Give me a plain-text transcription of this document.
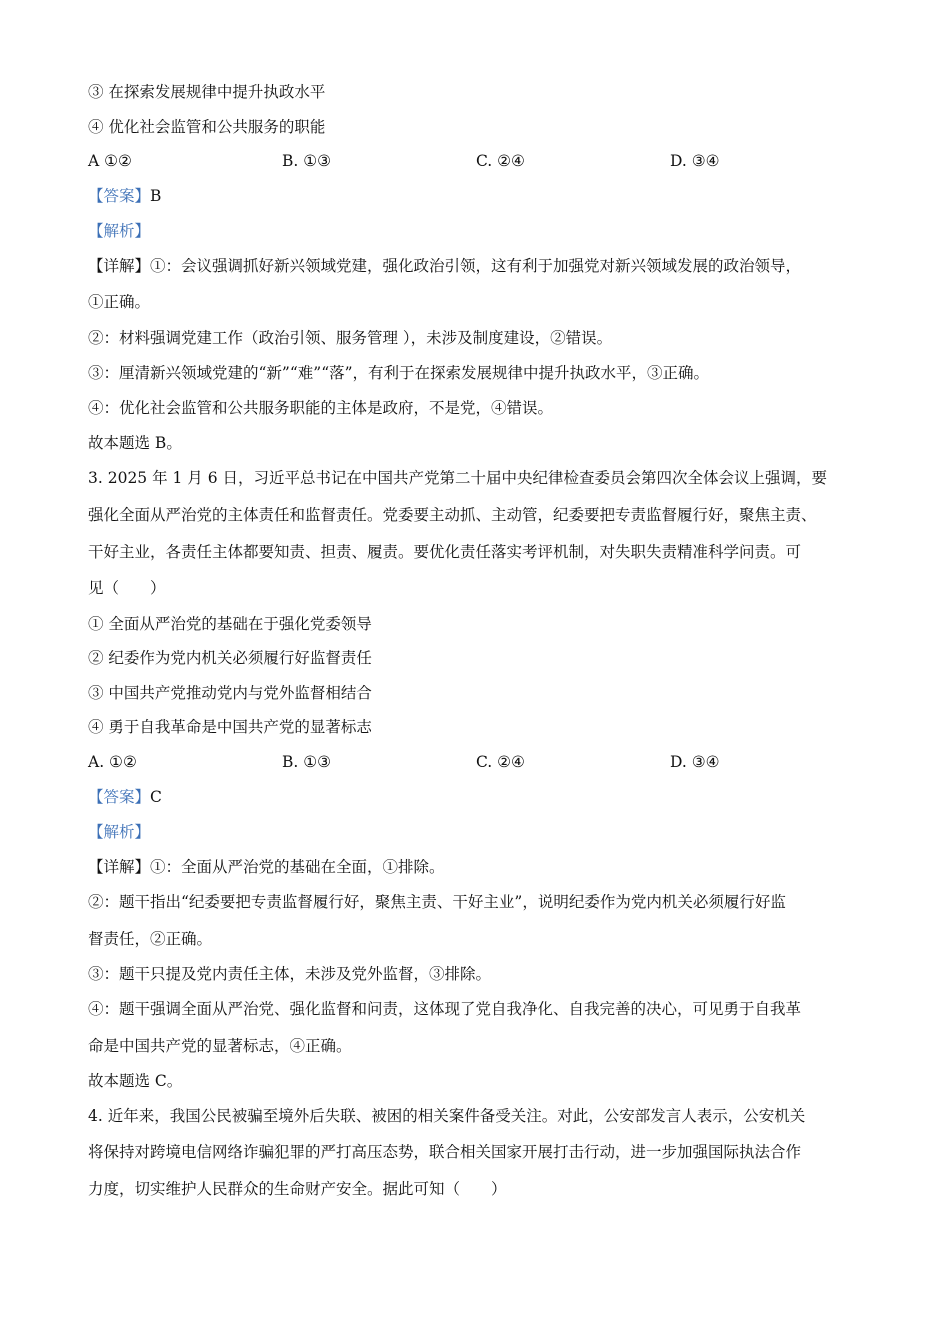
③ 在探索发展规律中提升执政水平
④ 优化社会监管和公共服务的职能
A ①②	B. ①③	C. ②④	D. ③④
【答案】B
【解析】
【详解】①：会议强调抓好新兴领域党建，强化政治引领，这有利于加强党对新兴领域发展的政治领导，
①正确。
②：材料强调党建工作（政治引领、服务管理 ），未涉及制度建设，②错误。
③：厘清新兴领域党建的“新”“难”“落”，有利于在探索发展规律中提升执政水平，③正确。
④：优化社会监管和公共服务职能的主体是政府，不是党，④错误。
故本题选 B。
3. 2025 年 1 月 6 日，习近平总书记在中国共产党第二十届中央纪律检查委员会第四次全体会议上强调，要
强化全面从严治党的主体责任和监督责任。党委要主动抓、主动管，纪委要把专责监督履行好，聚焦主责、
干好主业，各责任主体都要知责、担责、履责。要优化责任落实考评机制，对失职失责精准科学问责。可
见（　　）
① 全面从严治党的基础在于强化党委领导
② 纪委作为党内机关必须履行好监督责任
③ 中国共产党推动党内与党外监督相结合
④ 勇于自我革命是中国共产党的显著标志
A. ①②	B. ①③	C. ②④	D. ③④
【答案】C
【解析】
【详解】①：全面从严治党的基础在全面，①排除。
②：题干指出“纪委要把专责监督履行好，聚焦主责、干好主业”，说明纪委作为党内机关必须履行好监
督责任，②正确。
③：题干只提及党内责任主体，未涉及党外监督，③排除。
④：题干强调全面从严治党、强化监督和问责，这体现了党自我净化、自我完善的决心，可见勇于自我革
命是中国共产党的显著标志，④正确。
故本题选 C。
4. 近年来，我国公民被骗至境外后失联、被困的相关案件备受关注。对此，公安部发言人表示，公安机关
将保持对跨境电信网络诈骗犯罪的严打高压态势，联合相关国家开展打击行动，进一步加强国际执法合作
力度，切实维护人民群众的生命财产安全。据此可知（　　）
